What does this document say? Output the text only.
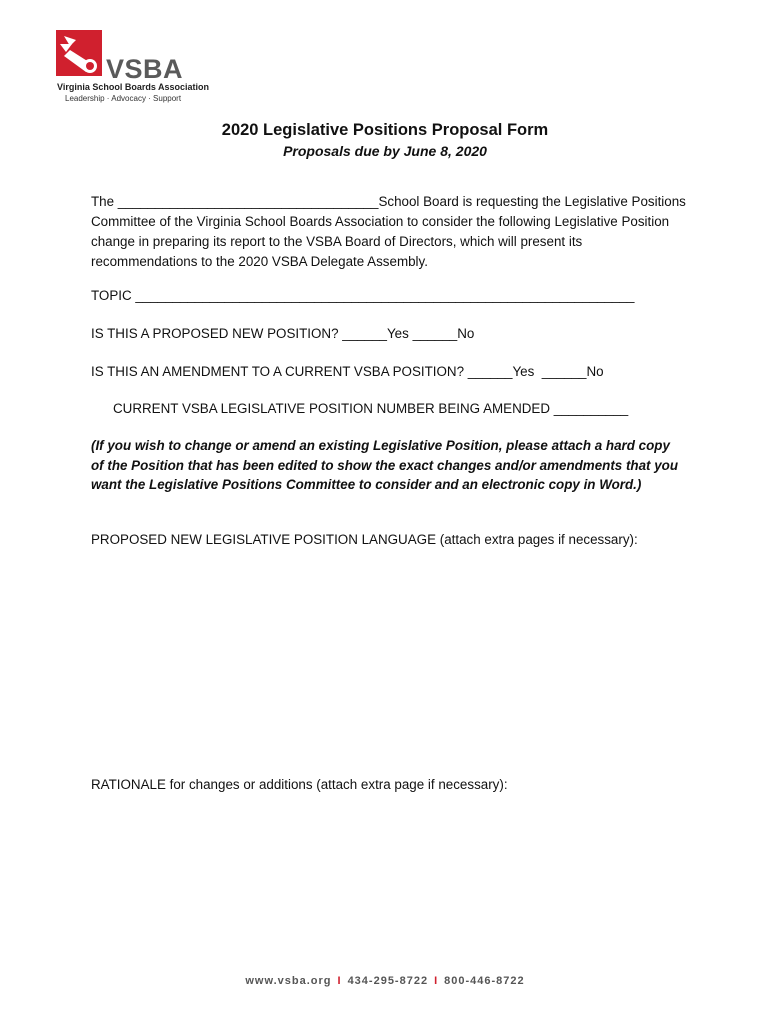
VSBA
Virginia School Boards Association
Leadership · Advocacy · Support
2020 Legislative Positions Proposal Form
Proposals due by June 8, 2020
The ___________________________________School Board is requesting the Legislative Positions Committee of the Virginia School Boards Association to consider the following Legislative Position change in preparing its report to the VSBA Board of Directors, which will present its recommendations to the 2020 VSBA Delegate Assembly.
TOPIC ___________________________________________________________________
IS THIS A PROPOSED NEW POSITION? ______Yes ______No
IS THIS AN AMENDMENT TO A CURRENT VSBA POSITION? ______Yes ______No
CURRENT VSBA LEGISLATIVE POSITION NUMBER BEING AMENDED __________
(If you wish to change or amend an existing Legislative Position, please attach a hard copy of the Position that has been edited to show the exact changes and/or amendments that you want the Legislative Positions Committee to consider and an electronic copy in Word.)
PROPOSED NEW LEGISLATIVE POSITION LANGUAGE (attach extra pages if necessary):
RATIONALE for changes or additions (attach extra page if necessary):
www.vsba.org I 434-295-8722 I 800-446-8722
